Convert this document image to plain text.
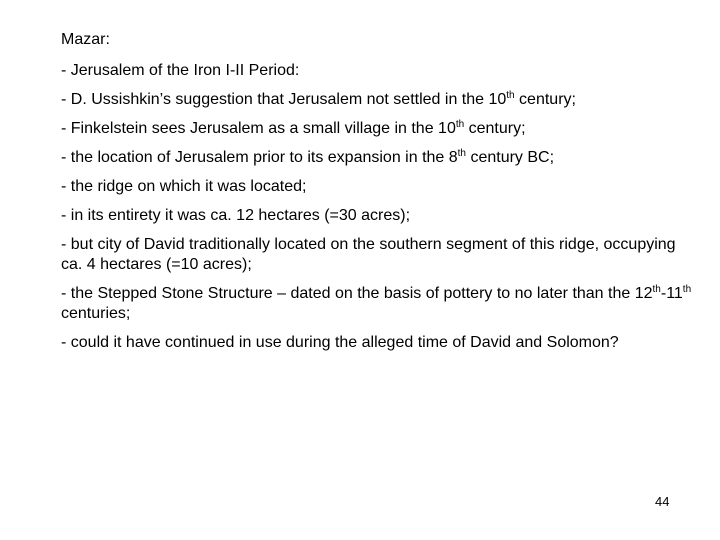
Mazar:
- Jerusalem of the Iron I-II Period:
- D. Ussishkin’s suggestion that Jerusalem not settled in the 10th century;
- Finkelstein sees Jerusalem as a small village in the 10th century;
- the location of Jerusalem prior to its expansion in the 8th century BC;
- the ridge on which it was located;
- in its entirety it was ca. 12 hectares (=30 acres);
- but city of David traditionally located on the southern segment of this ridge, occupying ca. 4 hectares (=10 acres);
- the Stepped Stone Structure – dated on the basis of pottery to no later than the 12th-11th centuries;
- could it have continued in use during the alleged time of David and Solomon?
44
